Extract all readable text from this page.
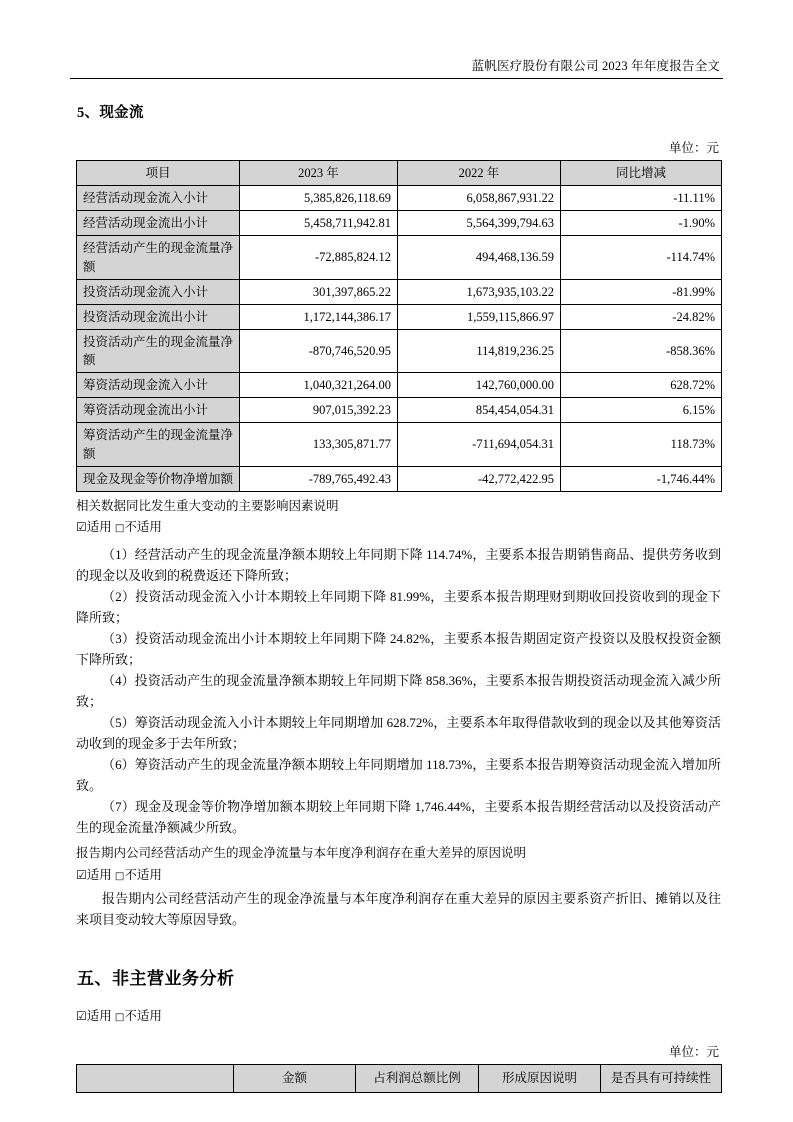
蓝帆医疗股份有限公司 2023 年年度报告全文
5、现金流
单位：元
项目	2023 年	2022 年	同比增减
经营活动现金流入小计	5,385,826,118.69	6,058,867,931.22	-11.11%
经营活动现金流出小计	5,458,711,942.81	5,564,399,794.63	-1.90%
经营活动产生的现金流量净额	-72,885,824.12	494,468,136.59	-114.74%
投资活动现金流入小计	301,397,865.22	1,673,935,103.22	-81.99%
投资活动现金流出小计	1,172,144,386.17	1,559,115,866.97	-24.82%
投资活动产生的现金流量净额	-870,746,520.95	114,819,236.25	-858.36%
筹资活动现金流入小计	1,040,321,264.00	142,760,000.00	628.72%
筹资活动现金流出小计	907,015,392.23	854,454,054.31	6.15%
筹资活动产生的现金流量净额	133,305,871.77	-711,694,054.31	118.73%
现金及现金等价物净增加额	-789,765,492.43	-42,772,422.95	-1,746.44%
相关数据同比发生重大变动的主要影响因素说明
☑适用 □不适用

（1）经营活动产生的现金流量净额本期较上年同期下降 114.74%，主要系本报告期销售商品、提供劳务收到的现金以及收到的税费返还下降所致；

（2）投资活动现金流入小计本期较上年同期下降 81.99%，主要系本报告期理财到期收回投资收到的现金下降所致；

（3）投资活动现金流出小计本期较上年同期下降 24.82%，主要系本报告期固定资产投资以及股权投资金额下降所致；

（4）投资活动产生的现金流量净额本期较上年同期下降 858.36%，主要系本报告期投资活动现金流入减少所致；

（5）筹资活动现金流入小计本期较上年同期增加 628.72%，主要系本年取得借款收到的现金以及其他筹资活动收到的现金多于去年所致；

（6）筹资活动产生的现金流量净额本期较上年同期增加 118.73%，主要系本报告期筹资活动现金流入增加所致。

（7）现金及现金等价物净增加额本期较上年同期下降 1,746.44%，主要系本报告期经营活动以及投资活动产生的现金流量净额减少所致。

报告期内公司经营活动产生的现金净流量与本年度净利润存在重大差异的原因说明
☑适用 □不适用

报告期内公司经营活动产生的现金净流量与本年度净利润存在重大差异的原因主要系资产折旧、摊销以及往来项目变动较大等原因导致。

五、非主营业务分析
☑适用 □不适用
单位：元
	金额	占利润总额比例	形成原因说明	是否具有可持续性
